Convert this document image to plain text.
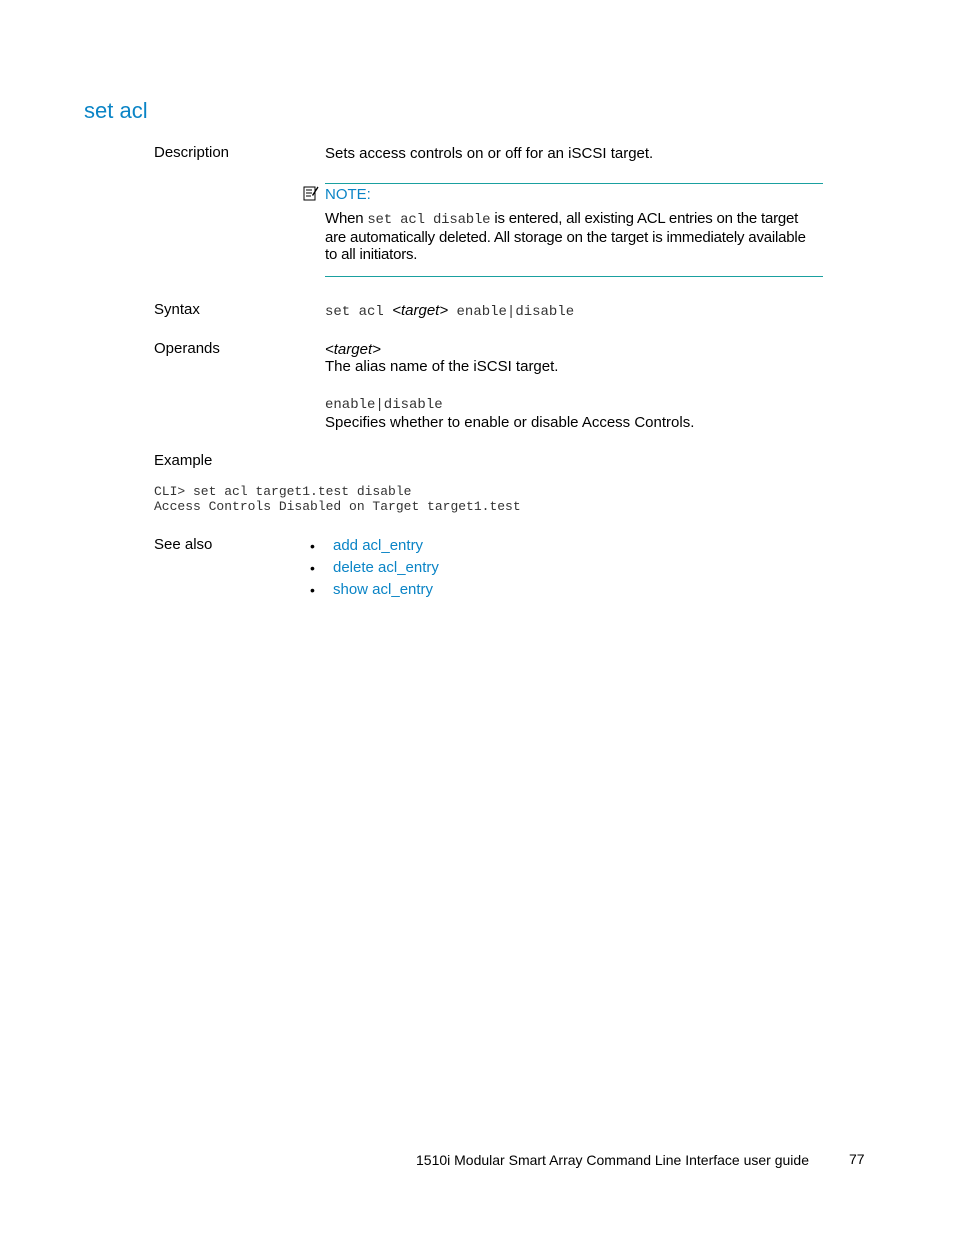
set acl
Description	Sets access controls on or off for an iSCSI target.
NOTE:
When set acl disable is entered, all existing ACL entries on the target are automatically deleted. All storage on the target is immediately available to all initiators.
Syntax	set acl <target> enable|disable
Operands	<target>
The alias name of the iSCSI target.
enable|disable
Specifies whether to enable or disable Access Controls.
Example
CLI> set acl target1.test disable
Access Controls Disabled on Target target1.test
See also	•	add acl_entry
•	delete acl_entry
•	show acl_entry
1510i Modular Smart Array Command Line Interface user guide	77
